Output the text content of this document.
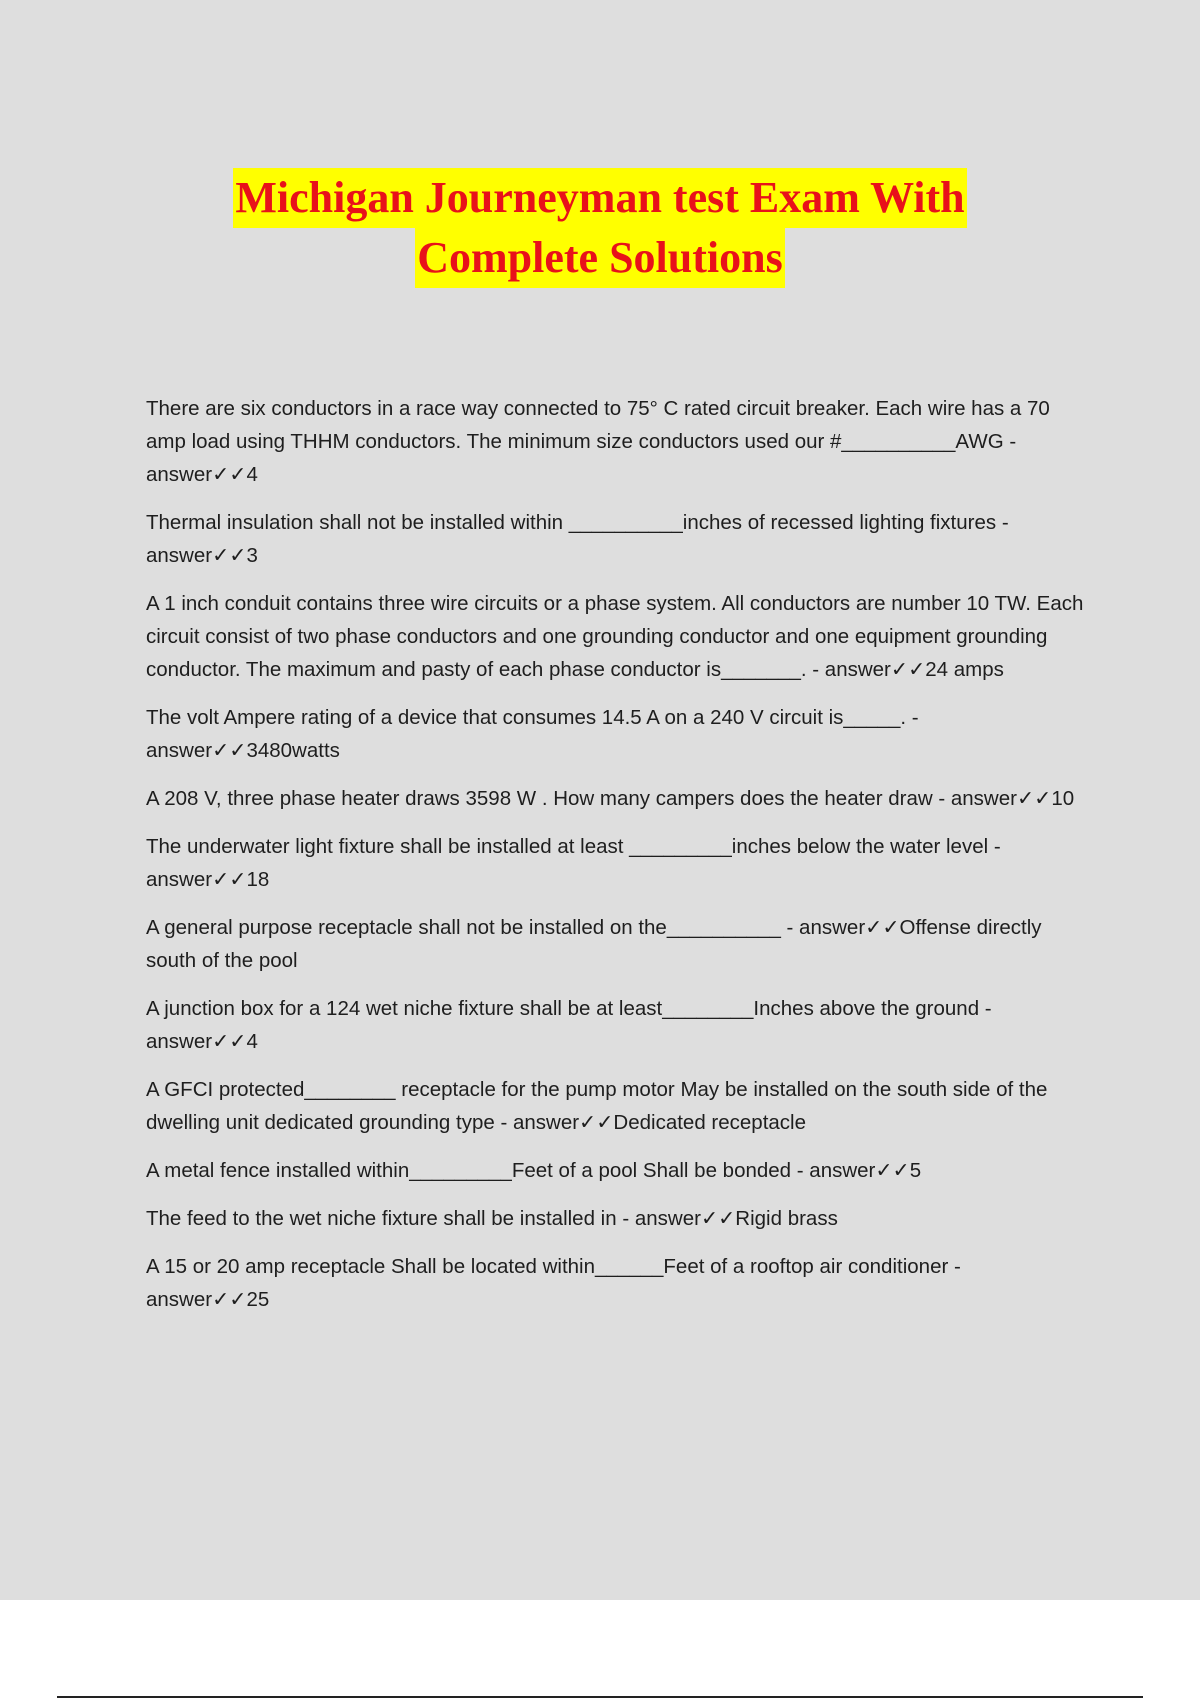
Michigan Journeyman test Exam With
Complete Solutions

There are six conductors in a race way connected to 75° C rated circuit breaker. Each wire has a 70 amp load using THHM conductors. The minimum size conductors used our #__________AWG - answer✓✓4

Thermal insulation shall not be installed within __________inches of recessed lighting fixtures - answer✓✓3

A 1 inch conduit contains three wire circuits or a phase system. All conductors are number 10 TW. Each circuit consist of two phase conductors and one grounding conductor and one equipment grounding conductor. The maximum and pasty of each phase conductor is_______. - answer✓✓24 amps

The volt Ampere rating of a device that consumes 14.5 A on a 240 V circuit is_____. - answer✓✓3480watts

A 208 V, three phase heater draws 3598 W . How many campers does the heater draw - answer✓✓10

The underwater light fixture shall be installed at least _________inches below the water level - answer✓✓18

A general purpose receptacle shall not be installed on the__________ - answer✓✓Offense directly south of the pool

A junction box for a 124 wet niche fixture shall be at least________Inches above the ground - answer✓✓4

A GFCI protected________ receptacle for the pump motor May be installed on the south side of the dwelling unit dedicated grounding type - answer✓✓Dedicated receptacle

A metal fence installed within_________Feet of a pool Shall be bonded - answer✓✓5

The feed to the wet niche fixture shall be installed in - answer✓✓Rigid brass

A 15 or 20 amp receptacle Shall be located within______Feet of a rooftop air conditioner - answer✓✓25
